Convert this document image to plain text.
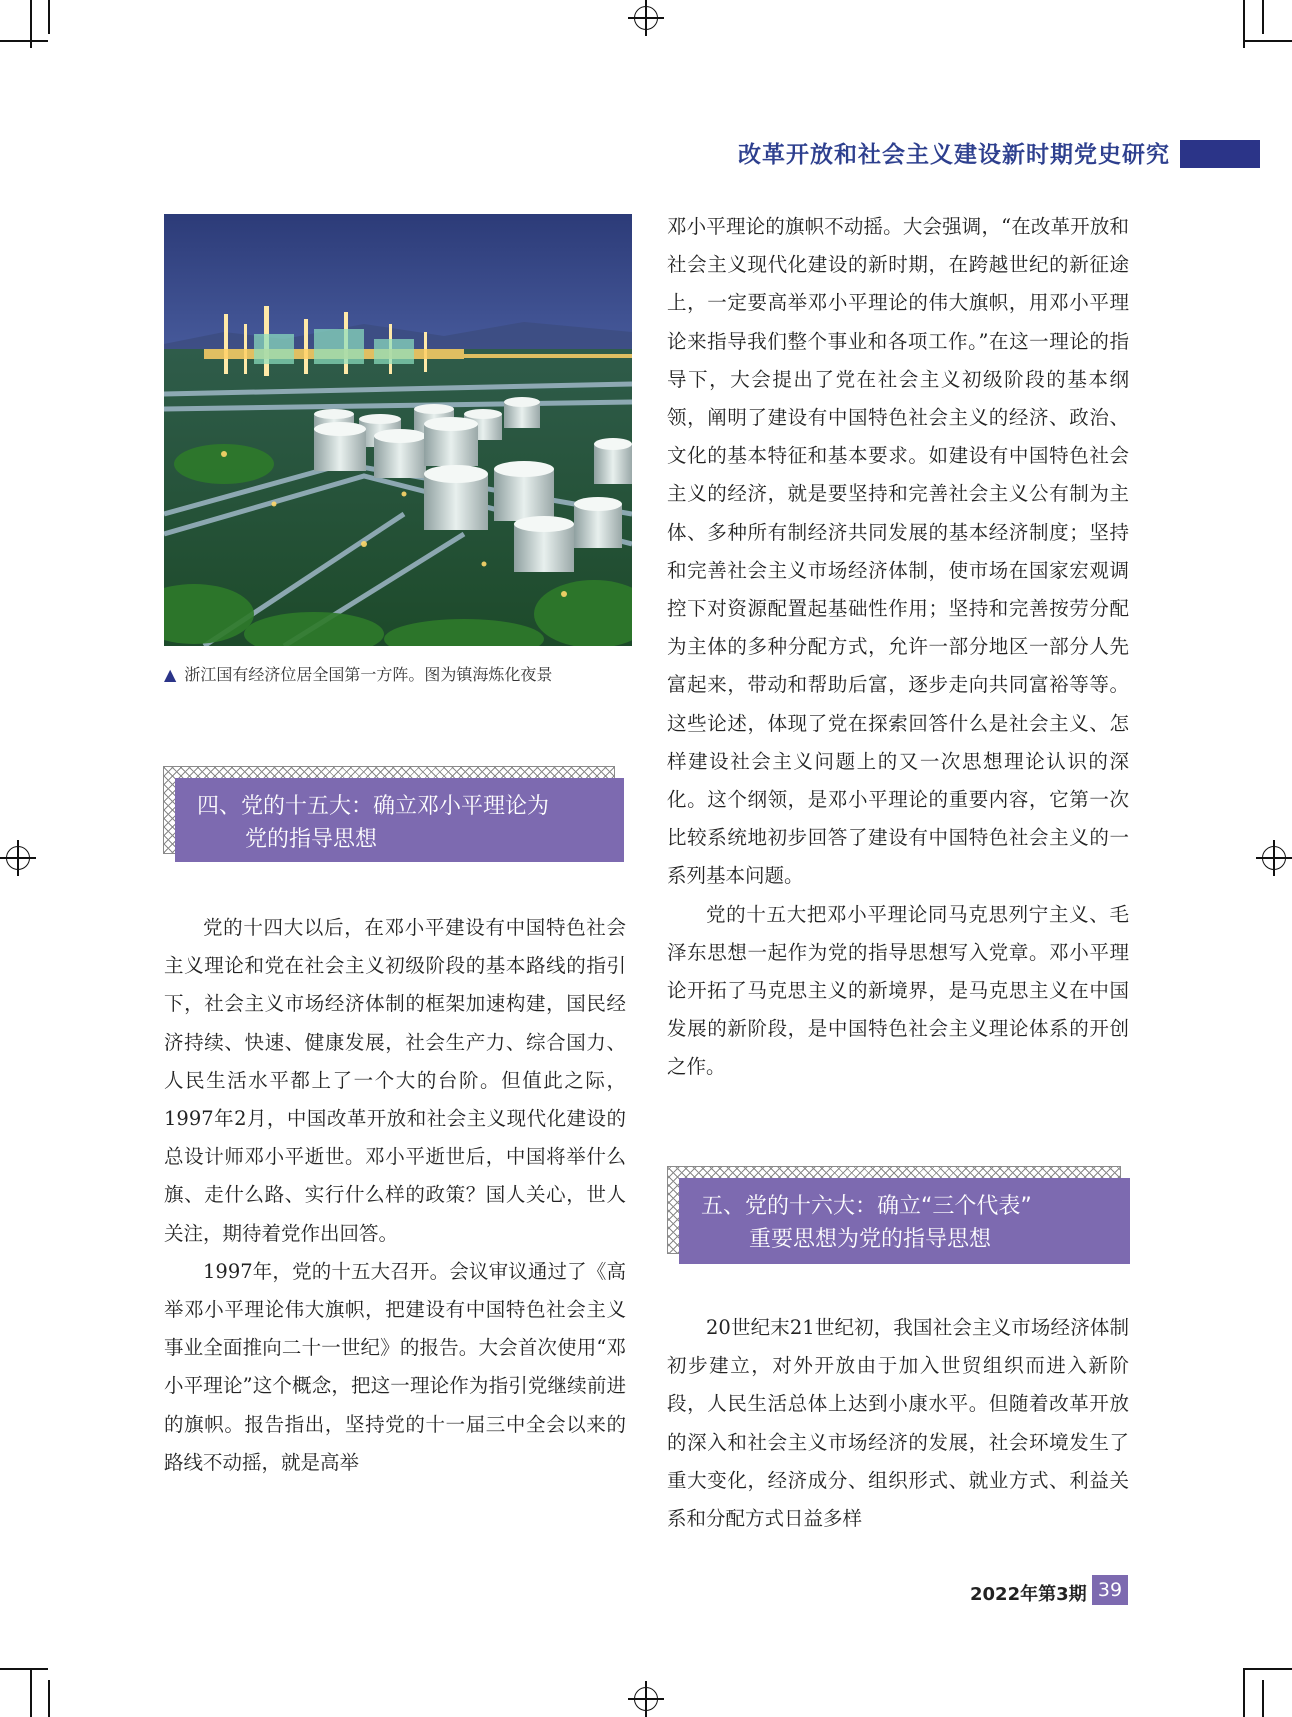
改革开放和社会主义建设新时期党史研究
▲ 浙江国有经济位居全国第一方阵。图为镇海炼化夜景
四、党的十五大：确立邓小平理论为
党的指导思想

党的十四大以后，在邓小平建设有中国特色社会主义理论和党在社会主义初级阶段的基本路线的指引下，社会主义市场经济体制的框架加速构建，国民经济持续、快速、健康发展，社会生产力、综合国力、人民生活水平都上了一个大的台阶。但值此之际，1997年2月，中国改革开放和社会主义现代化建设的总设计师邓小平逝世。邓小平逝世后，中国将举什么旗、走什么路、实行什么样的政策？国人关心，世人关注，期待着党作出回答。

1997年，党的十五大召开。会议审议通过了《高举邓小平理论伟大旗帜，把建设有中国特色社会主义事业全面推向二十一世纪》的报告。大会首次使用“邓小平理论”这个概念，把这一理论作为指引党继续前进的旗帜。报告指出，坚持党的十一届三中全会以来的路线不动摇，就是高举

邓小平理论的旗帜不动摇。大会强调，“在改革开放和社会主义现代化建设的新时期，在跨越世纪的新征途上，一定要高举邓小平理论的伟大旗帜，用邓小平理论来指导我们整个事业和各项工作。”在这一理论的指导下，大会提出了党在社会主义初级阶段的基本纲领，阐明了建设有中国特色社会主义的经济、政治、文化的基本特征和基本要求。如建设有中国特色社会主义的经济，就是要坚持和完善社会主义公有制为主体、多种所有制经济共同发展的基本经济制度；坚持和完善社会主义市场经济体制，使市场在国家宏观调控下对资源配置起基础性作用；坚持和完善按劳分配为主体的多种分配方式，允许一部分地区一部分人先富起来，带动和帮助后富，逐步走向共同富裕等等。这些论述，体现了党在探索回答什么是社会主义、怎样建设社会主义问题上的又一次思想理论认识的深化。这个纲领，是邓小平理论的重要内容，它第一次比较系统地初步回答了建设有中国特色社会主义的一系列基本问题。

党的十五大把邓小平理论同马克思列宁主义、毛泽东思想一起作为党的指导思想写入党章。邓小平理论开拓了马克思主义的新境界，是马克思主义在中国发展的新阶段，是中国特色社会主义理论体系的开创之作。

五、党的十六大：确立“三个代表”
重要思想为党的指导思想

20世纪末21世纪初，我国社会主义市场经济体制初步建立，对外开放由于加入世贸组织而进入新阶段，人民生活总体上达到小康水平。但随着改革开放的深入和社会主义市场经济的发展，社会环境发生了重大变化，经济成分、组织形式、就业方式、利益关系和分配方式日益多样

2022年第3期 39
